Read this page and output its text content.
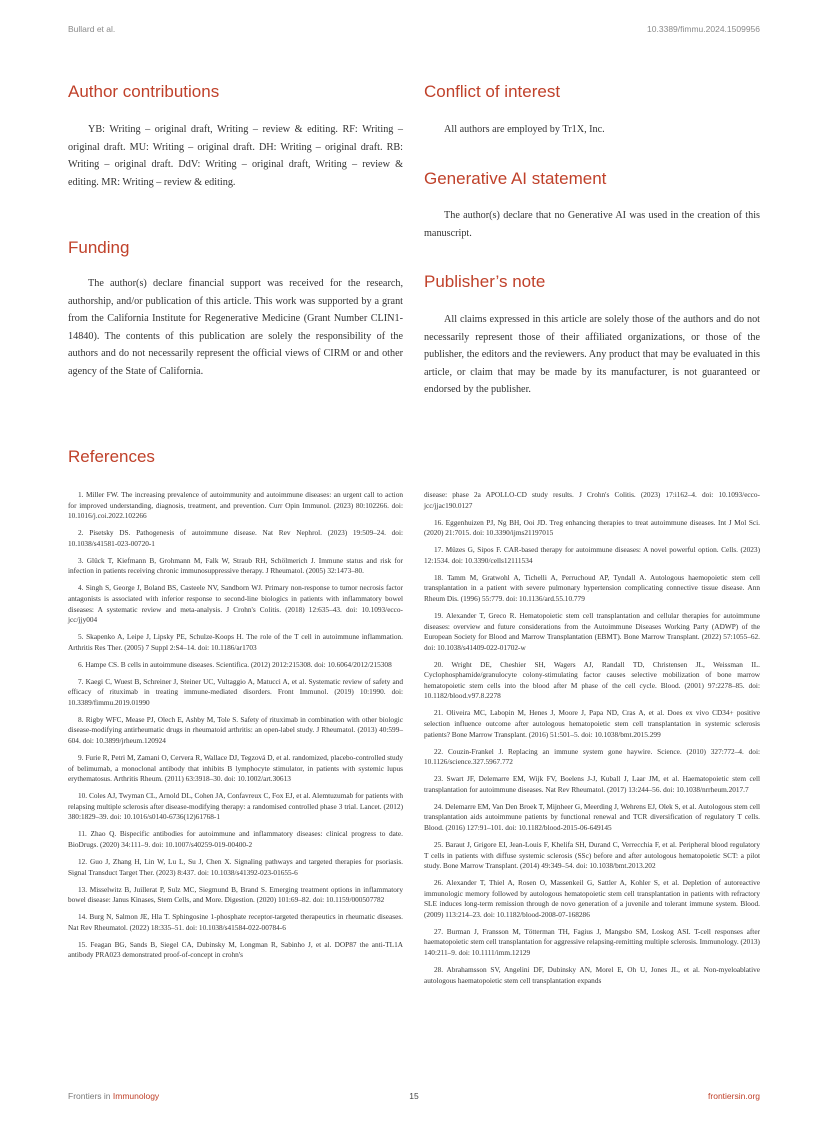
Bullard et al.	10.3389/fimmu.2024.1509956
Author contributions

YB: Writing – original draft, Writing – review & editing. RF: Writing – original draft. MU: Writing – original draft. DH: Writing – original draft. RB: Writing – original draft. DdV: Writing – original draft, Writing – review & editing. MR: Writing – review & editing.

Funding

The author(s) declare financial support was received for the research, authorship, and/or publication of this article. This work was supported by a grant from the California Institute for Regenerative Medicine (Grant Number CLIN1-14840). The contents of this publication are solely the responsibility of the authors and do not necessarily represent the official views of CIRM or and other agency of the State of California.

Conflict of interest

All authors are employed by Tr1X, Inc.

Generative AI statement

The author(s) declare that no Generative AI was used in the creation of this manuscript.

Publisher’s note

All claims expressed in this article are solely those of the authors and do not necessarily represent those of their affiliated organizations, or those of the publisher, the editors and the reviewers. Any product that may be evaluated in this article, or claim that may be made by its manufacturer, is not guaranteed or endorsed by the publisher.

References
1. Miller FW. The increasing prevalence of autoimmunity and autoimmune diseases: an urgent call to action for improved understanding, diagnosis, treatment, and prevention. Curr Opin Immunol. (2023) 80:102266. doi: 10.1016/j.coi.2022.102266
2. Pisetsky DS. Pathogenesis of autoimmune disease. Nat Rev Nephrol. (2023) 19:509–24. doi: 10.1038/s41581-023-00720-1
3. Glück T, Kiefmann B, Grohmann M, Falk W, Straub RH, Schölmerich J. Immune status and risk for infection in patients receiving chronic immunosuppressive therapy. J Rheumatol. (2005) 32:1473–80.
4. Singh S, George J, Boland BS, Casteele NV, Sandborn WJ. Primary non-response to tumor necrosis factor antagonists is associated with inferior response to second-line biologics in patients with inflammatory bowel diseases: A systematic review and meta-analysis. J Crohn's Colitis. (2018) 12:635–43. doi: 10.1093/ecco-jcc/jjy004
5. Skapenko A, Leipe J, Lipsky PE, Schulze-Koops H. The role of the T cell in autoimmune inflammation. Arthritis Res Ther. (2005) 7 Suppl 2:S4–14. doi: 10.1186/ar1703
6. Hampe CS. B cells in autoimmune diseases. Scientifica. (2012) 2012:215308. doi: 10.6064/2012/215308
7. Kaegi C, Wuest B, Schreiner J, Steiner UC, Vultaggio A, Matucci A, et al. Systematic review of safety and efficacy of rituximab in treating immune-mediated disorders. Front Immunol. (2019) 10:1990. doi: 10.3389/fimmu.2019.01990
8. Rigby WFC, Mease PJ, Olech E, Ashby M, Tole S. Safety of rituximab in combination with other biologic disease-modifying antirheumatic drugs in rheumatoid arthritis: an open-label study. J Rheumatol. (2013) 40:599–604. doi: 10.3899/jrheum.120924
9. Furie R, Petri M, Zamani O, Cervera R, Wallace DJ, Tegzová D, et al. randomized, placebo-controlled study of belimumab, a monoclonal antibody that inhibits B lymphocyte stimulator, in patients with systemic lupus erythematosus. Arthritis Rheum. (2011) 63:3918–30. doi: 10.1002/art.30613
10. Coles AJ, Twyman CL, Arnold DL, Cohen JA, Confavreux C, Fox EJ, et al. Alemtuzumab for patients with relapsing multiple sclerosis after disease-modifying therapy: a randomised controlled phase 3 trial. Lancet. (2012) 380:1829–39. doi: 10.1016/s0140-6736(12)61768-1
11. Zhao Q. Bispecific antibodies for autoimmune and inflammatory diseases: clinical progress to date. BioDrugs. (2020) 34:111–9. doi: 10.1007/s40259-019-00400-2
12. Guo J, Zhang H, Lin W, Lu L, Su J, Chen X. Signaling pathways and targeted therapies for psoriasis. Signal Transduct Target Ther. (2023) 8:437. doi: 10.1038/s41392-023-01655-6
13. Misselwitz B, Juillerat P, Sulz MC, Siegmund B, Brand S. Emerging treatment options in inflammatory bowel disease: Janus Kinases, Stem Cells, and More. Digestion. (2020) 101:69–82. doi: 10.1159/000507782
14. Burg N, Salmon JE, Hla T. Sphingosine 1-phosphate receptor-targeted therapeutics in rheumatic diseases. Nat Rev Rheumatol. (2022) 18:335–51. doi: 10.1038/s41584-022-00784-6
15. Feagan BG, Sands B, Siegel CA, Dubinsky M, Longman R, Sabinho J, et al. DOP87 the anti-TL1A antibody PRA023 demonstrated proof-of-concept in crohn's
disease: phase 2a APOLLO-CD study results. J Crohn's Colitis. (2023) 17:i162–4. doi: 10.1093/ecco-jcc/jjac190.0127
16. Eggenhuizen PJ, Ng BH, Ooi JD. Treg enhancing therapies to treat autoimmune diseases. Int J Mol Sci. (2020) 21:7015. doi: 10.3390/ijms21197015
17. Müzes G, Sipos F. CAR-based therapy for autoimmune diseases: A novel powerful option. Cells. (2023) 12:1534. doi: 10.3390/cells12111534
18. Tamm M, Gratwohl A, Tichelli A, Perruchoud AP, Tyndall A. Autologous haemopoietic stem cell transplantation in a patient with severe pulmonary hypertension complicating connective tissue disease. Ann Rheum Dis. (1996) 55:779. doi: 10.1136/ard.55.10.779
19. Alexander T, Greco R. Hematopoietic stem cell transplantation and cellular therapies for autoimmune diseases: overview and future considerations from the Autoimmune Diseases Working Party (ADWP) of the European Society for Blood and Marrow Transplantation (EBMT). Bone Marrow Transplant. (2022) 57:1055–62. doi: 10.1038/s41409-022-01702-w
20. Wright DE, Cheshier SH, Wagers AJ, Randall TD, Christensen JL, Weissman IL. Cyclophosphamide/granulocyte colony-stimulating factor causes selective mobilization of bone marrow hematopoietic stem cells into the blood after M phase of the cell cycle. Blood. (2001) 97:2278–85. doi: 10.1182/blood.v97.8.2278
21. Oliveira MC, Labopin M, Henes J, Moore J, Papa ND, Cras A, et al. Does ex vivo CD34+ positive selection influence outcome after autologous hematopoietic stem cell transplantation in systemic sclerosis patients? Bone Marrow Transplant. (2016) 51:501–5. doi: 10.1038/bmt.2015.299
22. Couzin-Frankel J. Replacing an immune system gone haywire. Science. (2010) 327:772–4. doi: 10.1126/science.327.5967.772
23. Swart JF, Delemarre EM, Wijk FV, Boelens J-J, Kuball J, Laar JM, et al. Haematopoietic stem cell transplantation for autoimmune diseases. Nat Rev Rheumatol. (2017) 13:244–56. doi: 10.1038/nrrheum.2017.7
24. Delemarre EM, Van Den Broek T, Mijnheer G, Meerding J, Wehrens EJ, Olek S, et al. Autologous stem cell transplantation aids autoimmune patients by functional renewal and TCR diversification of regulatory T cells. Blood. (2016) 127:91–101. doi: 10.1182/blood-2015-06-649145
25. Baraut J, Grigore EI, Jean-Louis F, Khelifa SH, Durand C, Verrecchia F, et al. Peripheral blood regulatory T cells in patients with diffuse systemic sclerosis (SSc) before and after autologous hematopoietic SCT: a pilot study. Bone Marrow Transplant. (2014) 49:349–54. doi: 10.1038/bmt.2013.202
26. Alexander T, Thiel A, Rosen O, Massenkeil G, Sattler A, Kohler S, et al. Depletion of autoreactive immunologic memory followed by autologous hematopoietic stem cell transplantation in patients with refractory SLE induces long-term remission through de novo generation of a juvenile and tolerant immune system. Blood. (2009) 113:214–23. doi: 10.1182/blood-2008-07-168286
27. Burman J, Fransson M, Tötterman TH, Fagius J, Mangsbo SM, Loskog ASI. T-cell responses after haematopoietic stem cell transplantation for aggressive relapsing-remitting multiple sclerosis. Immunology. (2013) 140:211–9. doi: 10.1111/imm.12129
28. Abrahamsson SV, Angelini DF, Dubinsky AN, Morel E, Oh U, Jones JL, et al. Non-myeloablative autologous haematopoietic stem cell transplantation expands
Frontiers in Immunology	15	frontiersin.org
